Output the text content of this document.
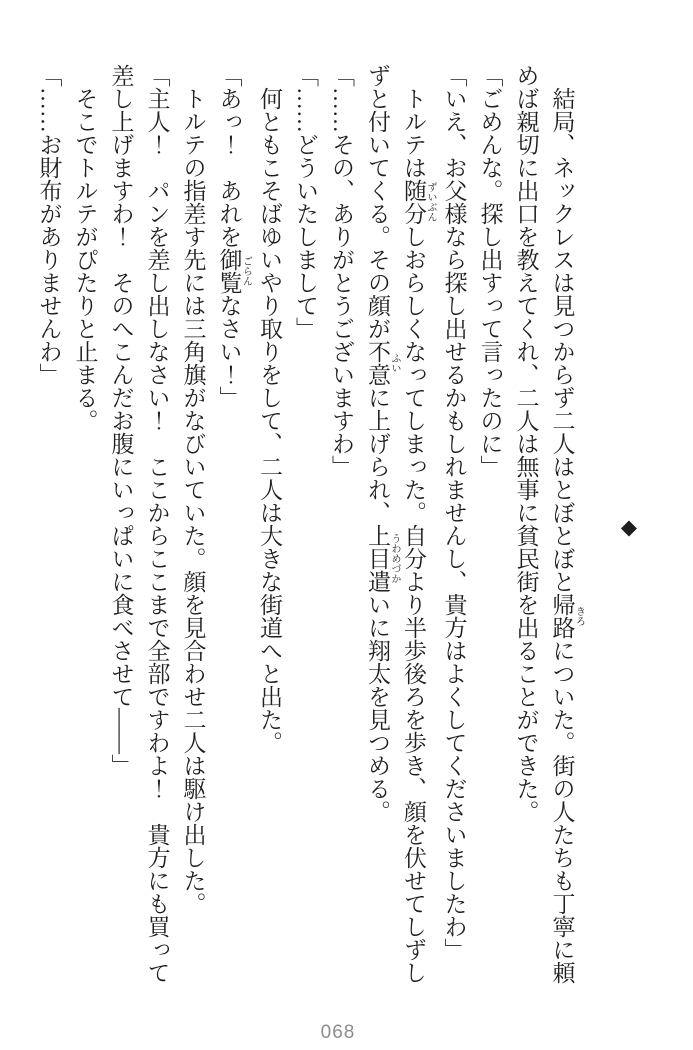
◆

結局、ネックレスは見つからず二人はとぼとぼと帰路 きろについた。街の人たちも丁寧に頼めば親切に出口を教えてくれ、二人は無事に貧民街を出ることができた。

「ごめんな。探し出すって言ったのに」

「いえ、お父様なら探し出せるかもしれませんし、貴方はよくしてくださいましたわ」

トルテは随分 ずいぶんしおらしくなってしまった。自分より半歩後ろを歩き、顔を伏せてしずしずと付いてくる。その顔が不意 ふいに上げられ、上目遣 うわめづかいに翔太を見つめる。

「……その、ありがとうございますわ」

「……どういたしまして」

何ともこそばゆいやり取りをして、二人は大きな街道へと出た。

「あっ！　あれを御覧 ごらんなさい！」

トルテの指差す先には三角旗がなびいていた。顔を見合わせ二人は駆け出した。

「主人！　パンを差し出しなさい！　ここからここまで全部ですわよ！　貴方にも買って差し上げますわ！　そのへこんだお腹にいっぱいに食べさせて――」

そこでトルテがぴたりと止まる。

「……お財布がありませんわ」

068
